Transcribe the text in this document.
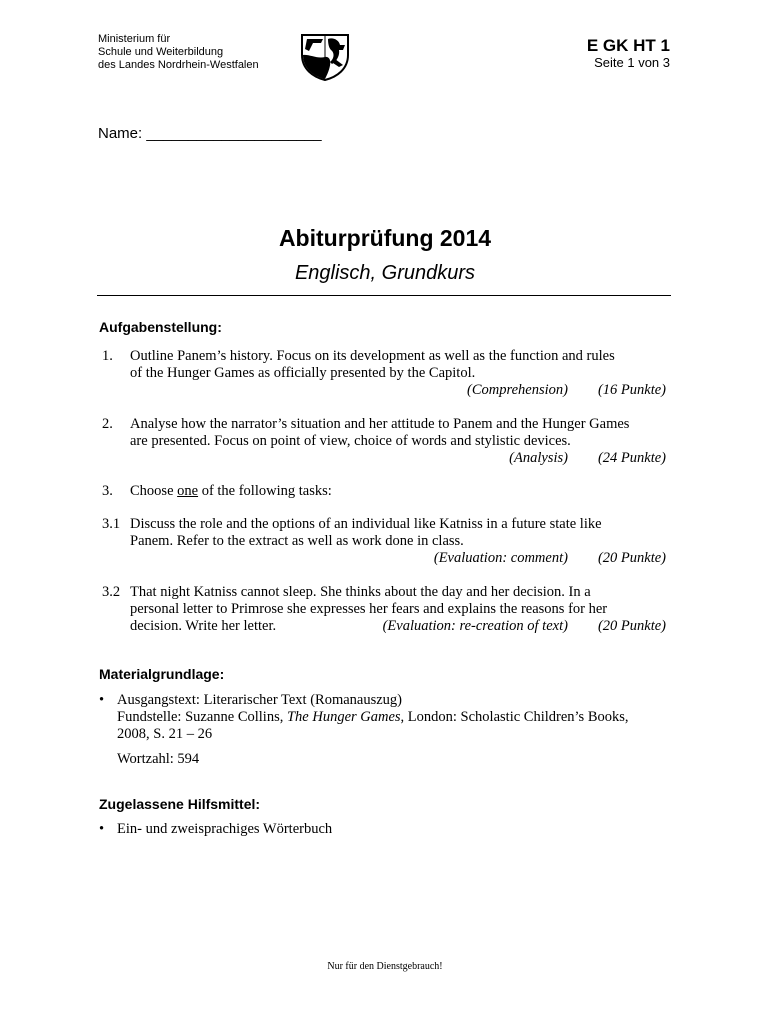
Ministerium für
Schule und Weiterbildung
des Landes Nordrhein-Westfalen
E GK HT 1
Seite 1 von 3
Name: _____________________
Abiturprüfung 2014
Englisch, Grundkurs
Aufgabenstellung:
1. Outline Panem’s history. Focus on its development as well as the function and rules
of the Hunger Games as officially presented by the Capitol.
(Comprehension) (16 Punkte)
2. Analyse how the narrator’s situation and her attitude to Panem and the Hunger Games
are presented. Focus on point of view, choice of words and stylistic devices.
(Analysis) (24 Punkte)
3. Choose one of the following tasks:
3.1 Discuss the role and the options of an individual like Katniss in a future state like
Panem. Refer to the extract as well as work done in class.
(Evaluation: comment) (20 Punkte)
3.2 That night Katniss cannot sleep. She thinks about the day and her decision. In a
personal letter to Primrose she expresses her fears and explains the reasons for her
decision. Write her letter.	(Evaluation: re-creation of text) (20 Punkte)
Materialgrundlage:
• Ausgangstext: Literarischer Text (Romanauszug)
Fundstelle: Suzanne Collins, The Hunger Games, London: Scholastic Children’s Books,
2008, S. 21 – 26
Wortzahl: 594
Zugelassene Hilfsmittel:
• Ein- und zweisprachiges Wörterbuch
Nur für den Dienstgebrauch!
